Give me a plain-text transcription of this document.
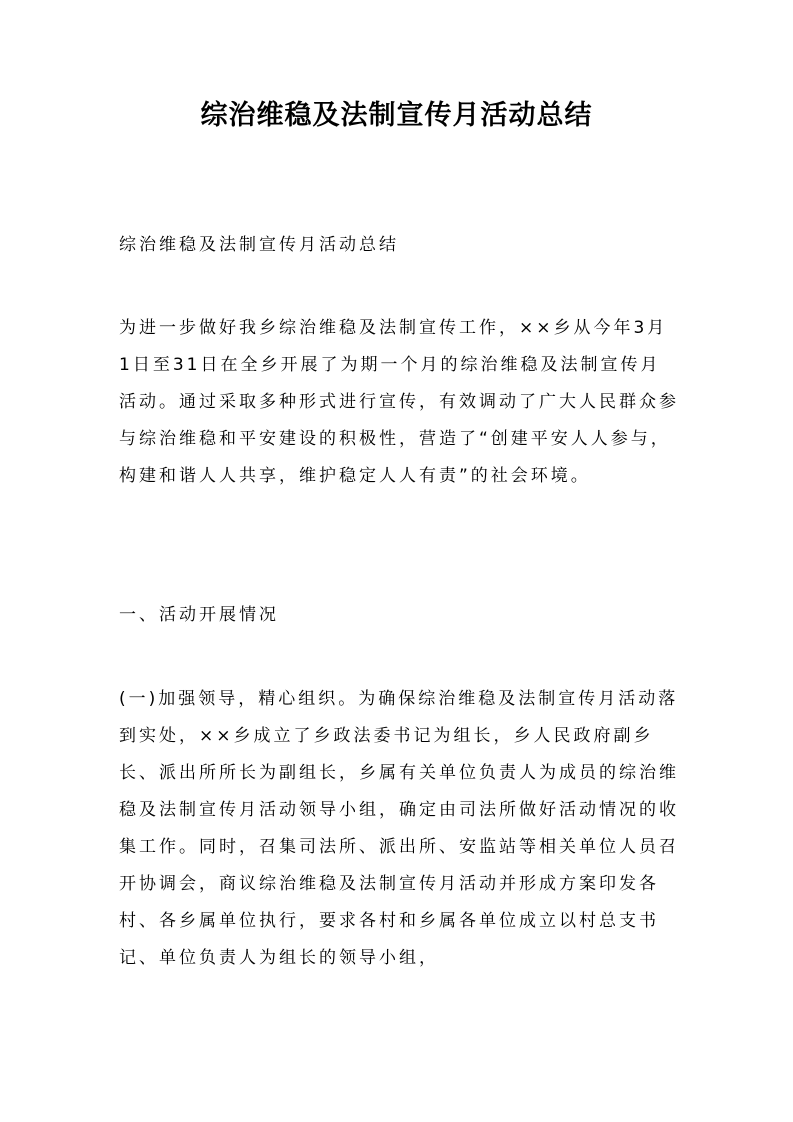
综治维稳及法制宣传月活动总结

综治维稳及法制宣传月活动总结

为进一步做好我乡综治维稳及法制宣传工作，××乡从今年3月1日至31日在全乡开展了为期一个月的综治维稳及法制宣传月活动。通过采取多种形式进行宣传，有效调动了广大人民群众参与综治维稳和平安建设的积极性，营造了“创建平安人人参与，构建和谐人人共享，维护稳定人人有责”的社会环境。

一、活动开展情况

(一)加强领导，精心组织。为确保综治维稳及法制宣传月活动落到实处，××乡成立了乡政法委书记为组长，乡人民政府副乡长、派出所所长为副组长，乡属有关单位负责人为成员的综治维稳及法制宣传月活动领导小组，确定由司法所做好活动情况的收集工作。同时，召集司法所、派出所、安监站等相关单位人员召开协调会，商议综治维稳及法制宣传月活动并形成方案印发各村、各乡属单位执行，要求各村和乡属各单位成立以村总支书记、单位负责人为组长的领导小组，
